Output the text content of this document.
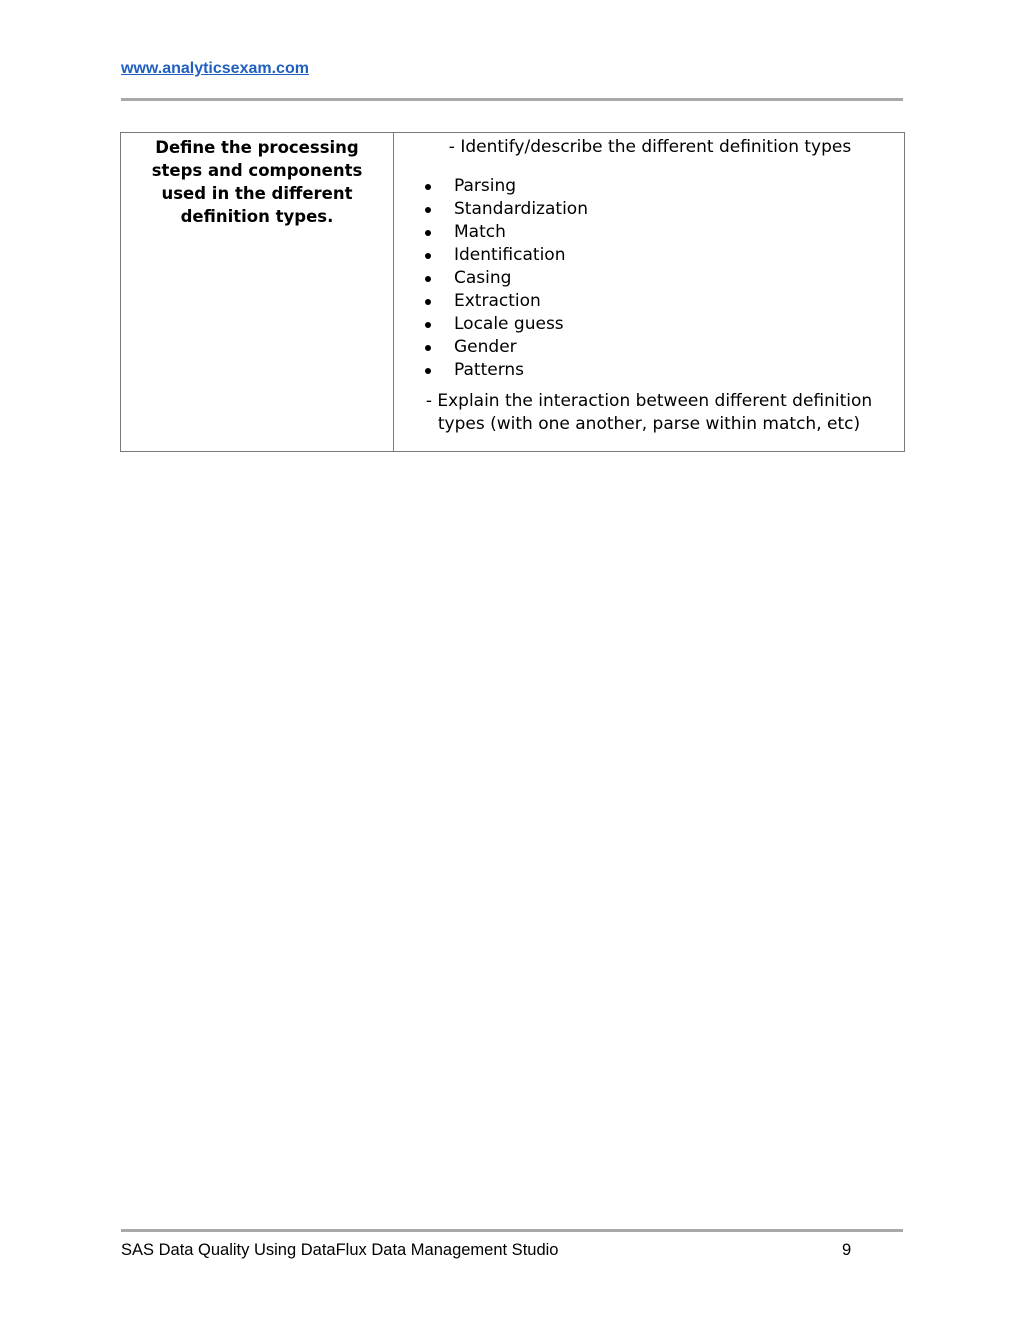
www.analyticsexam.com
Define the processing steps and components used in the different definition types.

- Identify/describe the different definition types

Parsing
Standardization
Match
Identification
Casing
Extraction
Locale guess
Gender
Patterns

- Explain the interaction between different definition types (with one another, parse within match, etc)

SAS Data Quality Using DataFlux Data Management Studio	9
